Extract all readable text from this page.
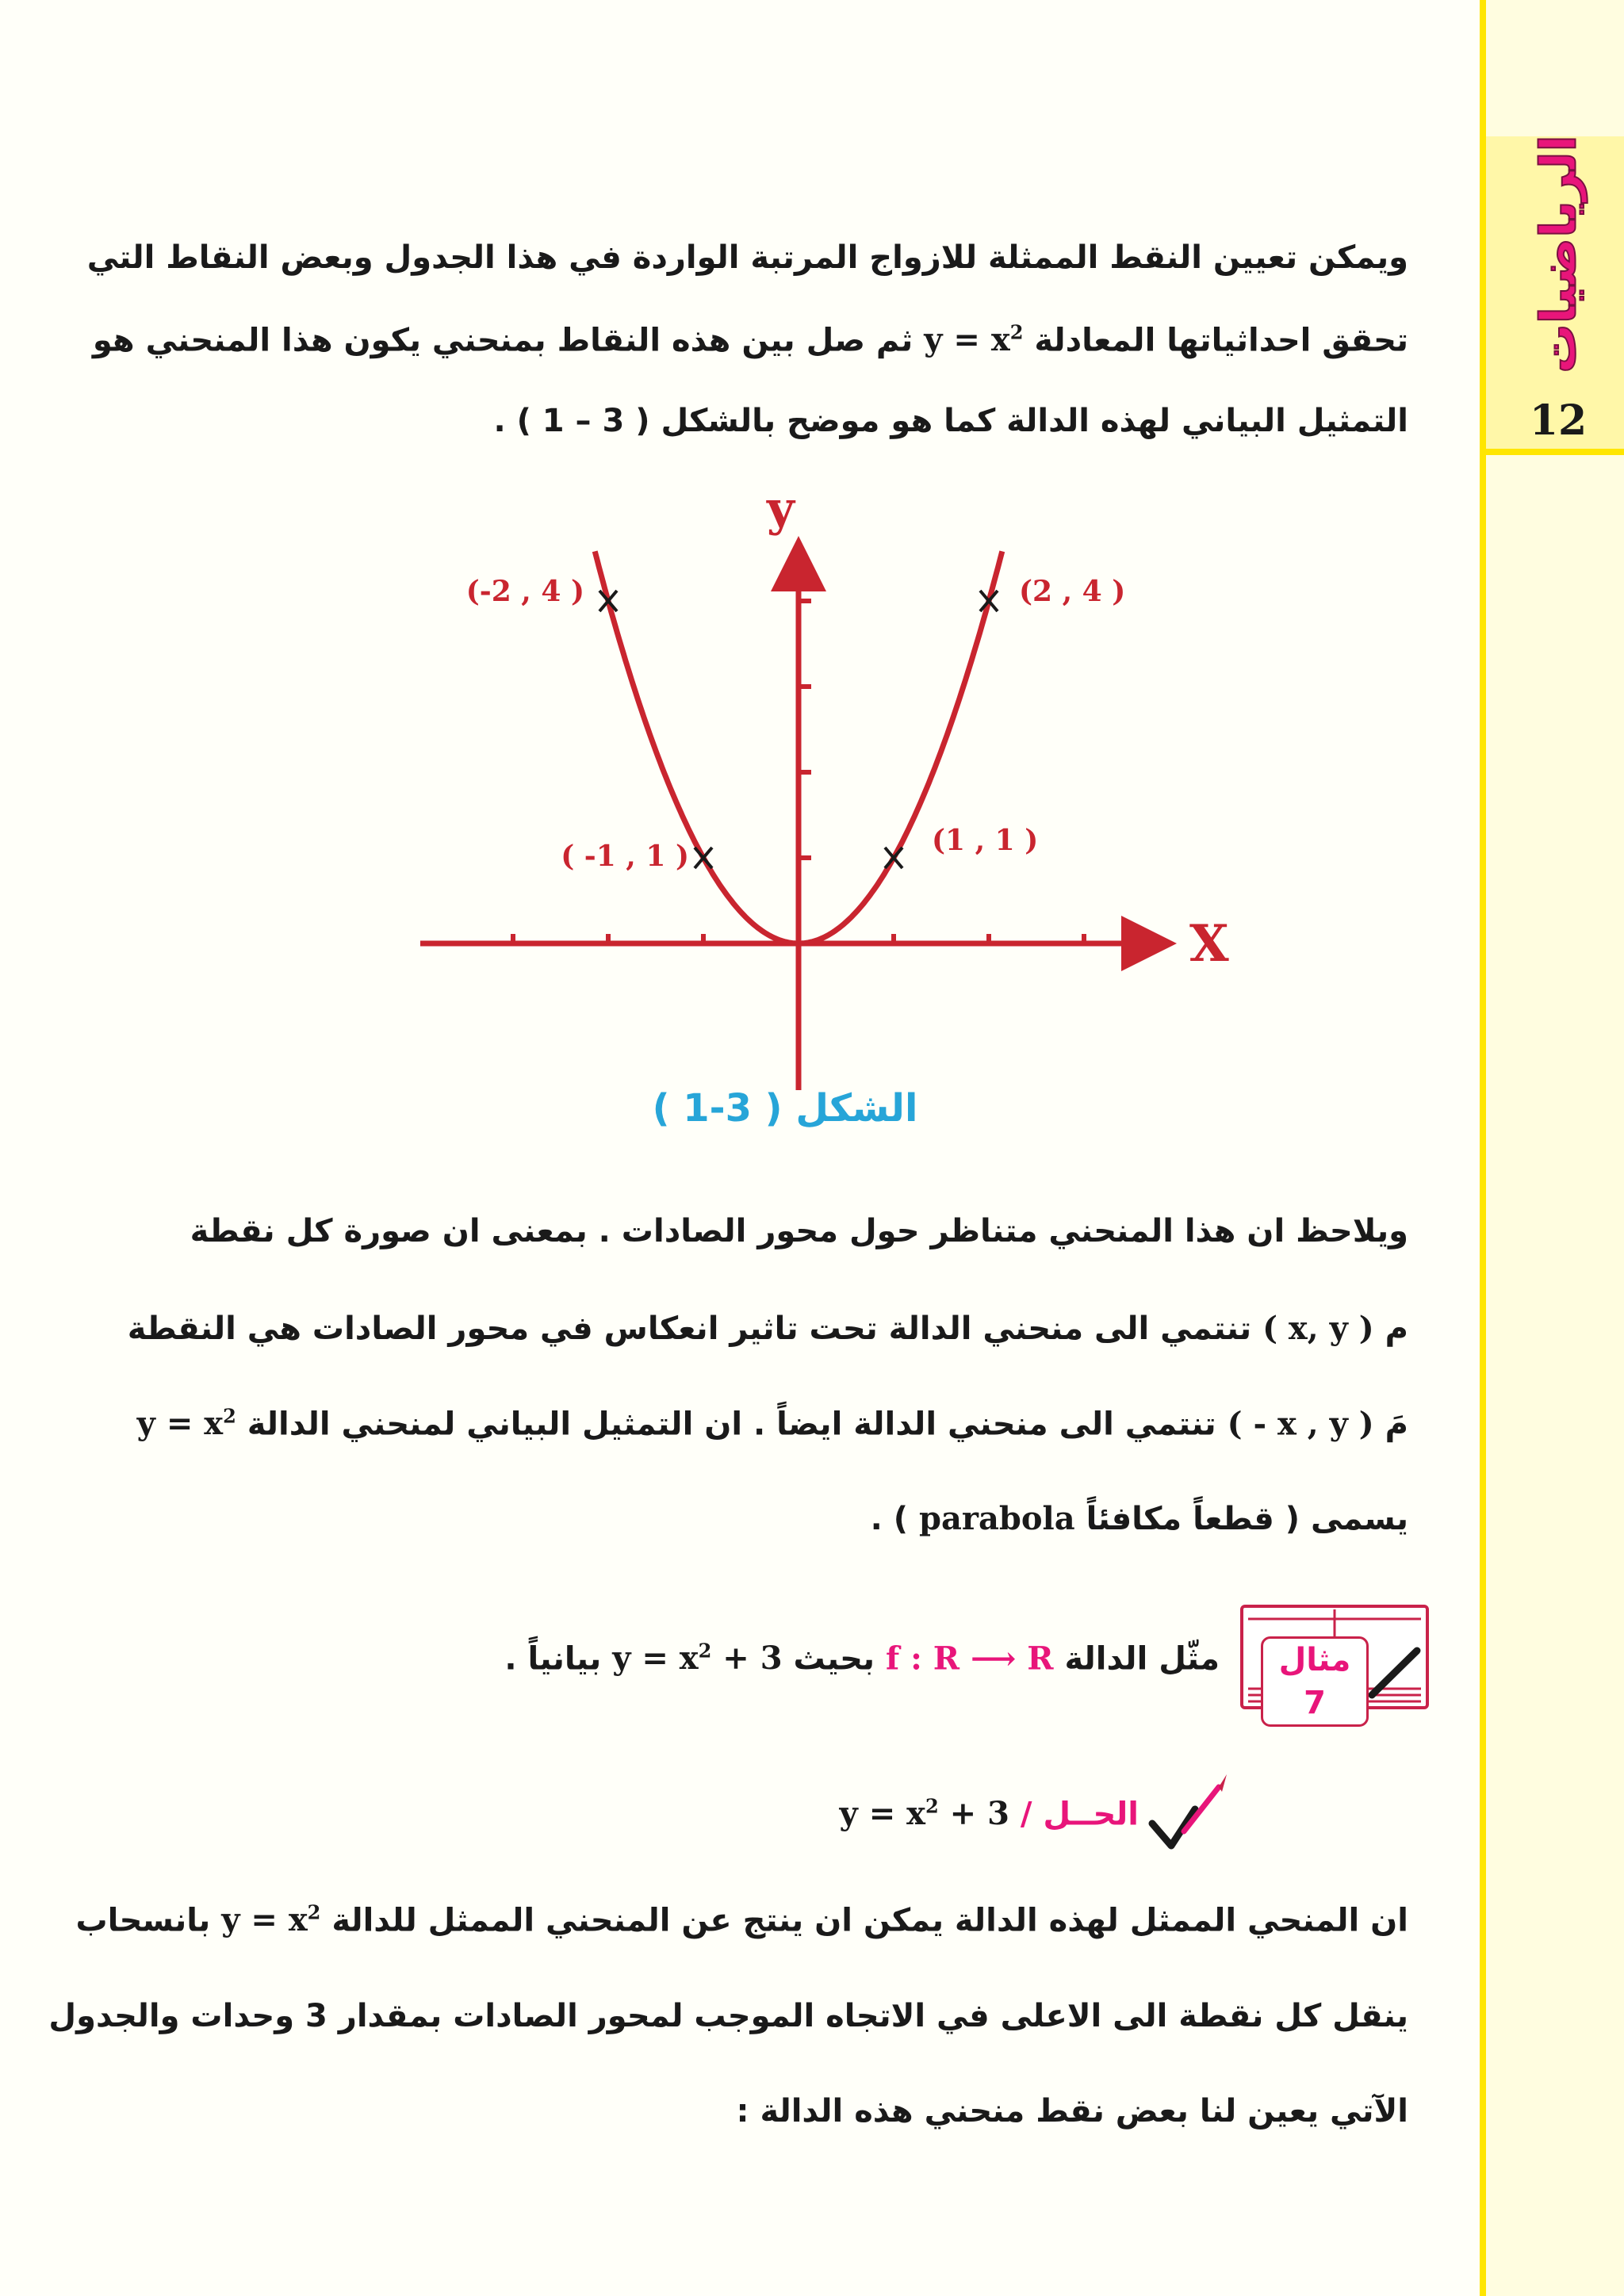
الرياضيات
12
ويمكن تعيين النقط الممثلة للازواج المرتبة الواردة في هذا الجدول وبعض النقاط التي
تحقق احداثياتها المعادلة $y = x^2$ ثم صل بين هذه النقاط بمنحني يكون هذا المنحني هو
التمثيل البياني لهذه الدالة كما هو موضح بالشكل ( 3 – 1 ) .
X
y
(-2 , 4 )	(2 , 4 )
( -1 , 1 )	(1 , 1 )
الشكل ( 3-1 )
ويلاحظ ان هذا المنحني متناظر حول محور الصادات . بمعنى ان صورة كل نقطة
م ( x, y ) تنتمي الى منحني الدالة تحت تاثير انعكاس في محور الصادات هي النقطة
مَ ( - x , y ) تنتمي الى منحني الدالة ايضاً . ان التمثيل البياني لمنحني الدالة $y = x^2$
يسمى ( قطعاً مكافئاً parabola ) .
مثال 7
مثّل الدالة f : R ⟶ R بحيث $y = x^2 + 3$ بيانياً .
الحــل / $y = x^2 + 3$
ان المنحي الممثل لهذه الدالة يمكن ان ينتج عن المنحني الممثل للدالة $y = x^2$ بانسحاب
ينقل كل نقطة الى الاعلى في الاتجاه الموجب لمحور الصادات بمقدار 3 وحدات والجدول
الآتي يعين لنا بعض نقط منحني هذه الدالة :
